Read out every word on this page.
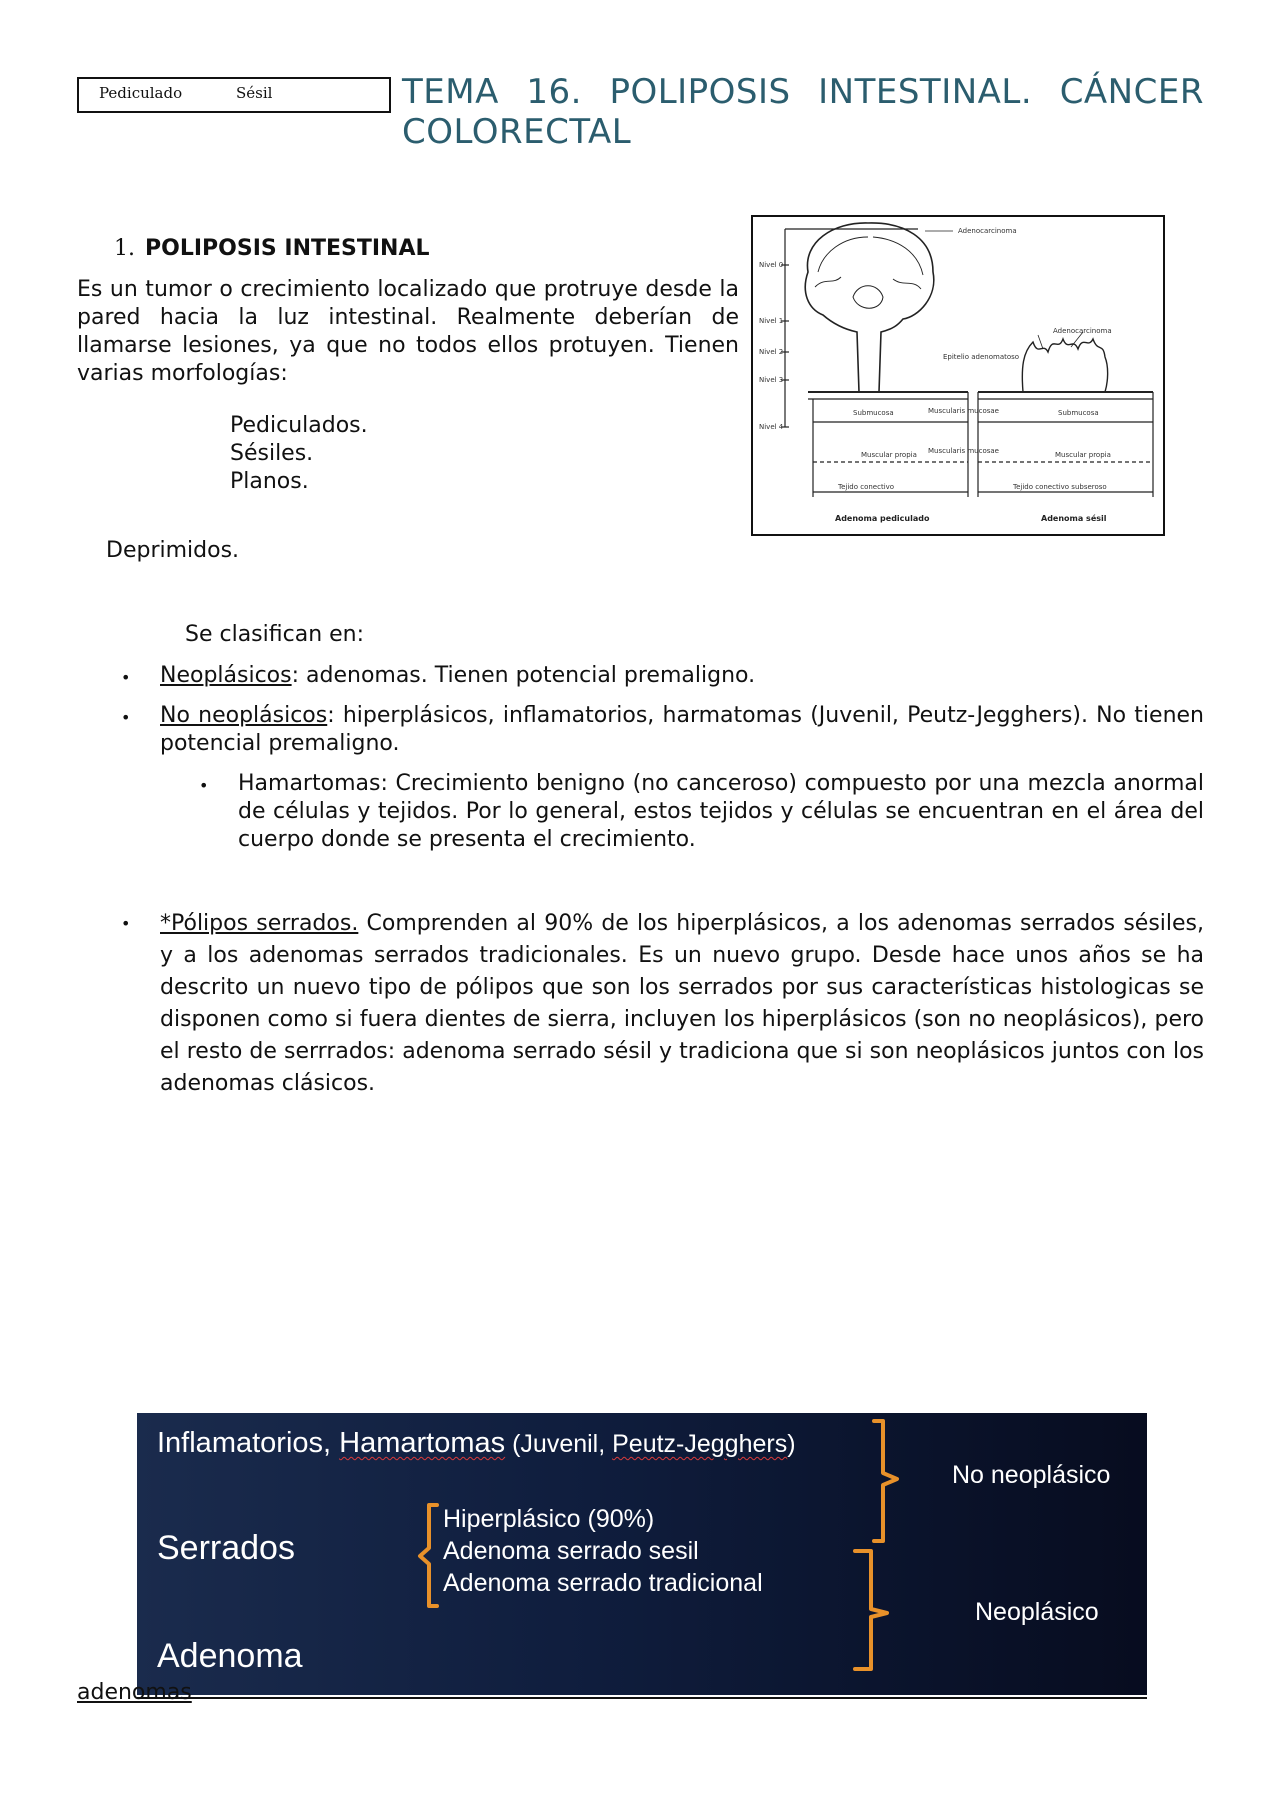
Pediculado	Sésil	TEMA 16. POLIPOSIS INTESTINAL. CÁNCER
COLORECTAL
1. POLIPOSIS INTESTINAL
Es un tumor o crecimiento localizado que protruye desde la pared hacia la luz intestinal. Realmente deberían de llamarse lesiones, ya que no todos ellos protuyen. Tienen varias morfologías:
Pediculados.
Sésiles.
Planos.
Deprimidos.
Adenocarcinoma
Adenocarcinoma
Nivel 0
Nivel 1
Nivel 2
Nivel 3
Nivel 4
Epitelio adenomatoso
Muscularis mucosae
Muscularis mucosae
Submucosa	Submucosa
Muscular propia	Muscular propia
Tejido conectivo	Tejido conectivo subseroso
Adenoma pediculado	Adenoma sésil
Se clasifican en:
• Neoplásicos: adenomas. Tienen potencial premaligno.
• No neoplásicos: hiperplásicos, inflamatorios, harmatomas (Juvenil, Peutz-Jegghers). No tienen potencial premaligno.
• Hamartomas: Crecimiento benigno (no canceroso) compuesto por una mezcla anormal de células y tejidos. Por lo general, estos tejidos y células se encuentran en el área del cuerpo donde se presenta el crecimiento.
• *Pólipos serrados. Comprenden al 90% de los hiperplásicos, a los adenomas serrados sésiles, y a los adenomas serrados tradicionales. Es un nuevo grupo. Desde hace unos años se ha descrito un nuevo tipo de pólipos que son los serrados por sus características histologicas se disponen como si fuera dientes de sierra, incluyen los hiperplásicos (son no neoplásicos), pero el resto de serrrados: adenoma serrado sésil y tradiciona que si son neoplásicos juntos con los adenomas clásicos.
Inflamatorios, Hamartomas (Juvenil, Peutz-Jegghers)
Serrados
Hiperplásico (90%)
Adenoma serrado sesil
Adenoma serrado tradicional
Adenoma
No neoplásico
Neoplásico
adenomas
